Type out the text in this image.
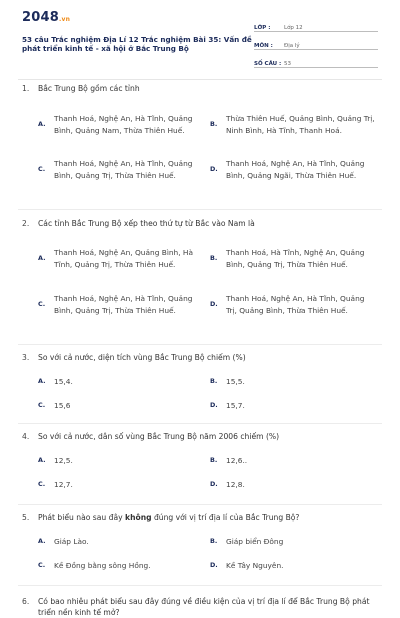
2048.vn
53 câu Trắc nghiệm Địa Lí 12 Trắc nghiệm Bài 35: Vấn đề phát triển kinh tế - xã hội ở Bắc Trung Bộ
LỚP :	Lớp 12
MÔN :	Địa lý
SỐ CÂU : 53
1.	Bắc Trung Bộ gồm các tỉnh
A.
Thanh Hoá, Nghệ An, Hà Tĩnh, Quảng Bình, Quảng Nam, Thừa Thiên Huế.
B.
Thừa Thiên Huế, Quảng Bình, Quảng Trị, Ninh Bình, Hà Tĩnh, Thanh Hoá.
C.
Thanh Hoá, Nghệ An, Hà Tĩnh, Quảng Bình, Quảng Trị, Thừa Thiên Huế.
D.
Thanh Hoá, Nghệ An, Hà Tĩnh, Quảng Bình, Quảng Ngãi, Thừa Thiên Huế.
2.	Các tỉnh Bắc Trung Bộ xếp theo thứ tự từ Bắc vào Nam là
A.
Thanh Hoá, Nghệ An, Quảng Bình, Hà Tĩnh, Quảng Trị, Thừa Thiên Huế.
B.
Thanh Hoá, Hà Tĩnh, Nghệ An, Quảng Bình, Quảng Trị, Thừa Thiên Huế.
C.
Thanh Hoá, Nghệ An, Hà Tĩnh, Quảng Bình, Quảng Trị, Thừa Thiên Huế.
D.
Thanh Hoá, Nghệ An, Hà Tĩnh, Quảng Trị, Quảng Bình, Thừa Thiên Huế.
3.	So với cả nước, diện tích vùng Bắc Trung Bộ chiếm (%)
A.	15,4.	B.	15,5.
C.	15,6	D.	15,7.
4.	So với cả nước, dân số vùng Bắc Trung Bộ năm 2006 chiếm (%)
A.	12,5.	B.	12,6..
C.	12,7.	D.	12,8.
5.	Phát biểu nào sau đây không đúng với vị trí địa lí của Bắc Trung Bộ?
A.	Giáp Lào.	B.	Giáp biển Đông
C.	Kề Đồng bằng sông Hồng.	D.	Kề Tây Nguyên.
6.	Có bao nhiêu phát biểu sau đây đúng về điều kiện của vị trí địa lí để Bắc Trung Bộ phát triển nền kinh tế mở?
